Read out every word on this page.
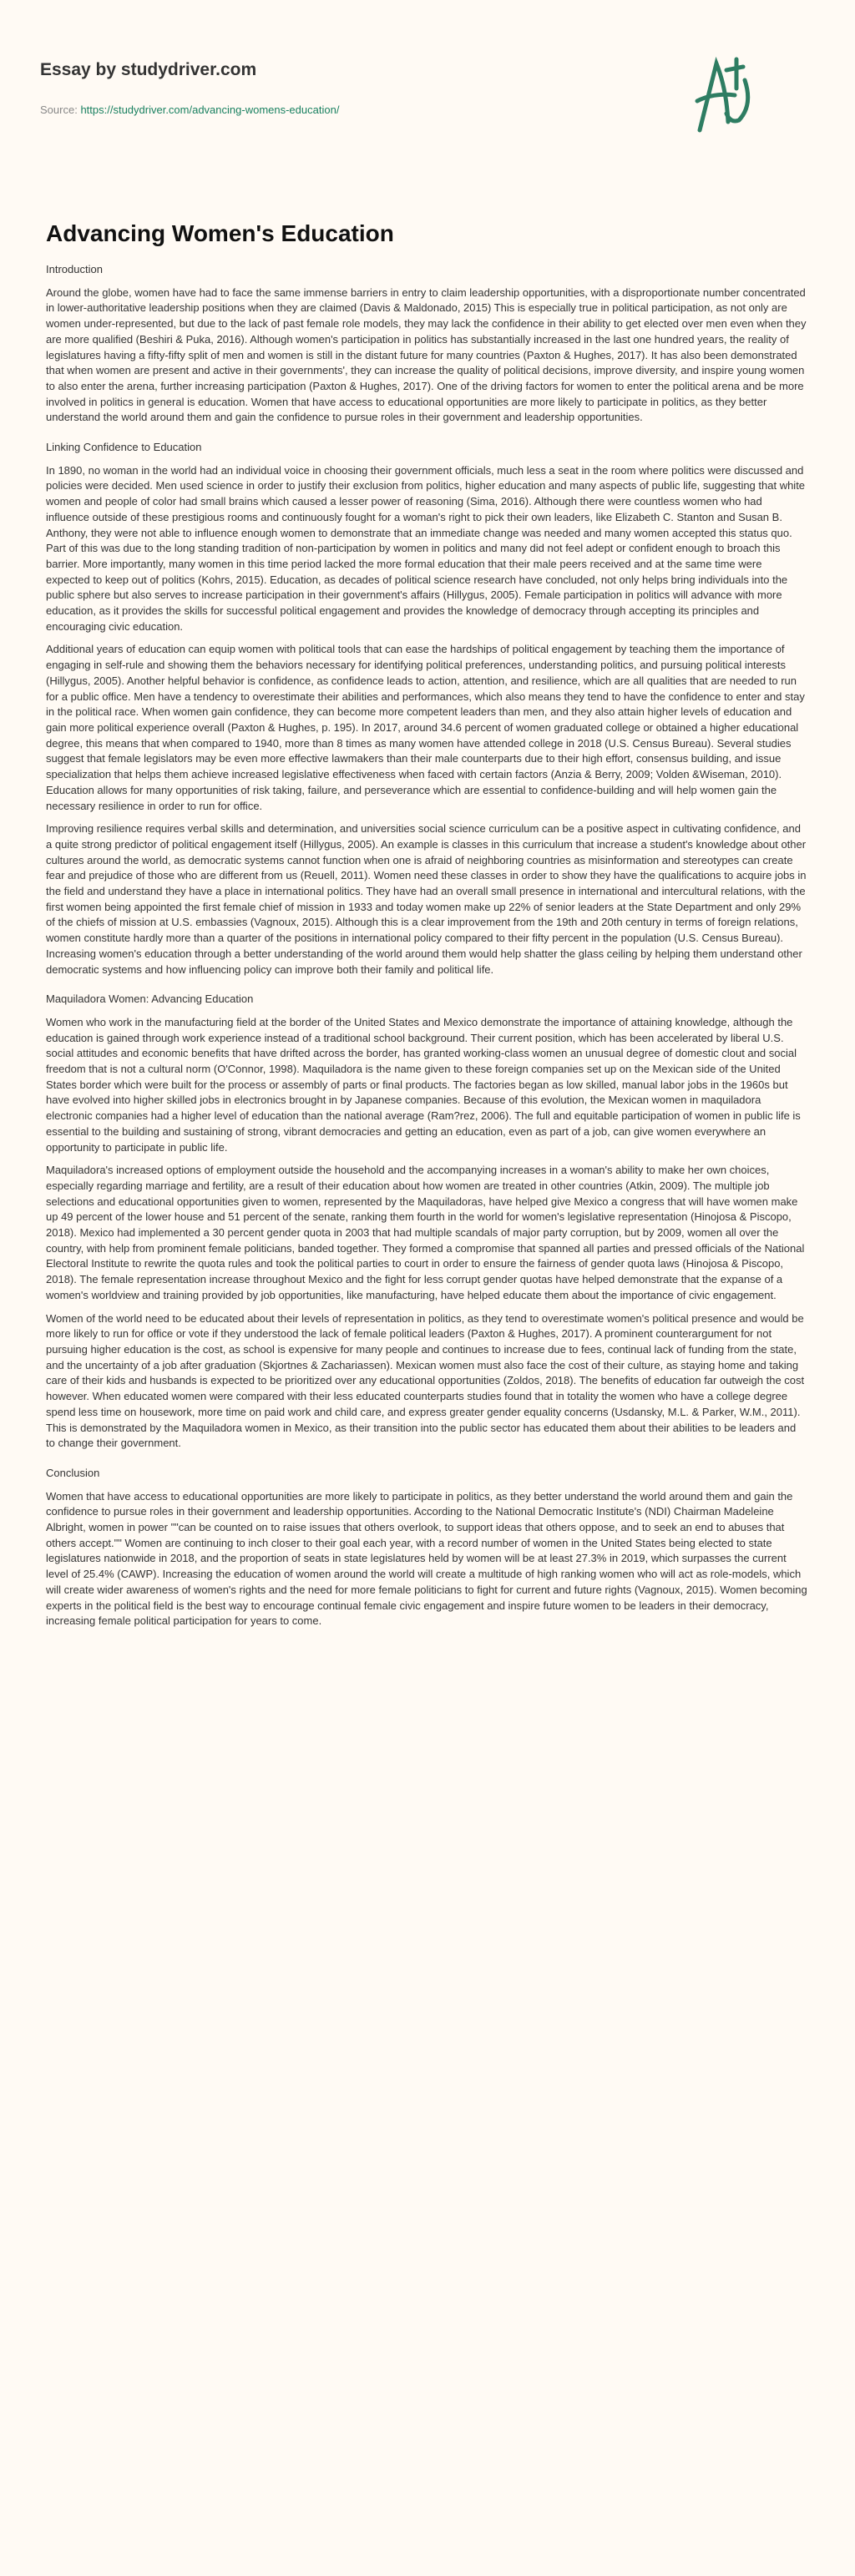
Essay by studydriver.com
Source: https://studydriver.com/advancing-womens-education/
Advancing Women's Education
Introduction

Around the globe, women have had to face the same immense barriers in entry to claim leadership opportunities, with a disproportionate number concentrated in lower-authoritative leadership positions when they are claimed (Davis & Maldonado, 2015) This is especially true in political participation, as not only are women under-represented, but due to the lack of past female role models, they may lack the confidence in their ability to get elected over men even when they are more qualified (Beshiri & Puka, 2016). Although women's participation in politics has substantially increased in the last one hundred years, the reality of legislatures having a fifty-fifty split of men and women is still in the distant future for many countries (Paxton & Hughes, 2017). It has also been demonstrated that when women are present and active in their governments', they can increase the quality of political decisions, improve diversity, and inspire young women to also enter the arena, further increasing participation (Paxton & Hughes, 2017). One of the driving factors for women to enter the political arena and be more involved in politics in general is education. Women that have access to educational opportunities are more likely to participate in politics, as they better understand the world around them and gain the confidence to pursue roles in their government and leadership opportunities.

Linking Confidence to Education

In 1890, no woman in the world had an individual voice in choosing their government officials, much less a seat in the room where politics were discussed and policies were decided. Men used science in order to justify their exclusion from politics, higher education and many aspects of public life, suggesting that white women and people of color had small brains which caused a lesser power of reasoning (Sima, 2016). Although there were countless women who had influence outside of these prestigious rooms and continuously fought for a woman's right to pick their own leaders, like Elizabeth C. Stanton and Susan B. Anthony, they were not able to influence enough women to demonstrate that an immediate change was needed and many women accepted this status quo. Part of this was due to the long standing tradition of non-participation by women in politics and many did not feel adept or confident enough to broach this barrier. More importantly, many women in this time period lacked the more formal education that their male peers received and at the same time were expected to keep out of politics (Kohrs, 2015). Education, as decades of political science research have concluded, not only helps bring individuals into the public sphere but also serves to increase participation in their government's affairs (Hillygus, 2005). Female participation in politics will advance with more education, as it provides the skills for successful political engagement and provides the knowledge of democracy through accepting its principles and encouraging civic education.

Additional years of education can equip women with political tools that can ease the hardships of political engagement by teaching them the importance of engaging in self-rule and showing them the behaviors necessary for identifying political preferences, understanding politics, and pursuing political interests (Hillygus, 2005). Another helpful behavior is confidence, as confidence leads to action, attention, and resilience, which are all qualities that are needed to run for a public office. Men have a tendency to overestimate their abilities and performances, which also means they tend to have the confidence to enter and stay in the political race. When women gain confidence, they can become more competent leaders than men, and they also attain higher levels of education and gain more political experience overall (Paxton & Hughes, p. 195). In 2017, around 34.6 percent of women graduated college or obtained a higher educational degree, this means that when compared to 1940, more than 8 times as many women have attended college in 2018 (U.S. Census Bureau). Several studies suggest that female legislators may be even more effective lawmakers than their male counterparts due to their high effort, consensus building, and issue specialization that helps them achieve increased legislative effectiveness when faced with certain factors (Anzia & Berry, 2009; Volden &Wiseman, 2010). Education allows for many opportunities of risk taking, failure, and perseverance which are essential to confidence-building and will help women gain the necessary resilience in order to run for office.

Improving resilience requires verbal skills and determination, and universities social science curriculum can be a positive aspect in cultivating confidence, and a quite strong predictor of political engagement itself (Hillygus, 2005). An example is classes in this curriculum that increase a student's knowledge about other cultures around the world, as democratic systems cannot function when one is afraid of neighboring countries as misinformation and stereotypes can create fear and prejudice of those who are different from us (Reuell, 2011). Women need these classes in order to show they have the qualifications to acquire jobs in the field and understand they have a place in international politics. They have had an overall small presence in international and intercultural relations, with the first women being appointed the first female chief of mission in 1933 and today women make up 22% of senior leaders at the State Department and only 29% of the chiefs of mission at U.S. embassies (Vagnoux, 2015). Although this is a clear improvement from the 19th and 20th century in terms of foreign relations, women constitute hardly more than a quarter of the positions in international policy compared to their fifty percent in the population (U.S. Census Bureau). Increasing women's education through a better understanding of the world around them would help shatter the glass ceiling by helping them understand other democratic systems and how influencing policy can improve both their family and political life.

Maquiladora Women: Advancing Education

Women who work in the manufacturing field at the border of the United States and Mexico demonstrate the importance of attaining knowledge, although the education is gained through work experience instead of a traditional school background. Their current position, which has been accelerated by liberal U.S. social attitudes and economic benefits that have drifted across the border, has granted working-class women an unusual degree of domestic clout and social freedom that is not a cultural norm (O'Connor, 1998). Maquiladora is the name given to these foreign companies set up on the Mexican side of the United States border which were built for the process or assembly of parts or final products. The factories began as low skilled, manual labor jobs in the 1960s but have evolved into higher skilled jobs in electronics brought in by Japanese companies. Because of this evolution, the Mexican women in maquiladora electronic companies had a higher level of education than the national average (Ram?rez, 2006). The full and equitable participation of women in public life is essential to the building and sustaining of strong, vibrant democracies and getting an education, even as part of a job, can give women everywhere an opportunity to participate in public life.

Maquiladora's increased options of employment outside the household and the accompanying increases in a woman's ability to make her own choices, especially regarding marriage and fertility, are a result of their education about how women are treated in other countries (Atkin, 2009). The multiple job selections and educational opportunities given to women, represented by the Maquiladoras, have helped give Mexico a congress that will have women make up 49 percent of the lower house and 51 percent of the senate, ranking them fourth in the world for women's legislative representation (Hinojosa & Piscopo, 2018). Mexico had implemented a 30 percent gender quota in 2003 that had multiple scandals of major party corruption, but by 2009, women all over the country, with help from prominent female politicians, banded together. They formed a compromise that spanned all parties and pressed officials of the National Electoral Institute to rewrite the quota rules and took the political parties to court in order to ensure the fairness of gender quota laws (Hinojosa & Piscopo, 2018). The female representation increase throughout Mexico and the fight for less corrupt gender quotas have helped demonstrate that the expanse of a women's worldview and training provided by job opportunities, like manufacturing, have helped educate them about the importance of civic engagement.

Women of the world need to be educated about their levels of representation in politics, as they tend to overestimate women's political presence and would be more likely to run for office or vote if they understood the lack of female political leaders (Paxton & Hughes, 2017). A prominent counterargument for not pursuing higher education is the cost, as school is expensive for many people and continues to increase due to fees, continual lack of funding from the state, and the uncertainty of a job after graduation (Skjortnes & Zachariassen). Mexican women must also face the cost of their culture, as staying home and taking care of their kids and husbands is expected to be prioritized over any educational opportunities (Zoldos, 2018). The benefits of education far outweigh the cost however. When educated women were compared with their less educated counterparts studies found that in totality the women who have a college degree spend less time on housework, more time on paid work and child care, and express greater gender equality concerns (Usdansky, M.L. & Parker, W.M., 2011). This is demonstrated by the Maquiladora women in Mexico, as their transition into the public sector has educated them about their abilities to be leaders and to change their government.

Conclusion

Women that have access to educational opportunities are more likely to participate in politics, as they better understand the world around them and gain the confidence to pursue roles in their government and leadership opportunities. According to the National Democratic Institute's (NDI) Chairman Madeleine Albright, women in power ""can be counted on to raise issues that others overlook, to support ideas that others oppose, and to seek an end to abuses that others accept."" Women are continuing to inch closer to their goal each year, with a record number of women in the United States being elected to state legislatures nationwide in 2018, and the proportion of seats in state legislatures held by women will be at least 27.3% in 2019, which surpasses the current level of 25.4% (CAWP). Increasing the education of women around the world will create a multitude of high ranking women who will act as role-models, which will create wider awareness of women's rights and the need for more female politicians to fight for current and future rights (Vagnoux, 2015). Women becoming experts in the political field is the best way to encourage continual female civic engagement and inspire future women to be leaders in their democracy, increasing female political participation for years to come.
